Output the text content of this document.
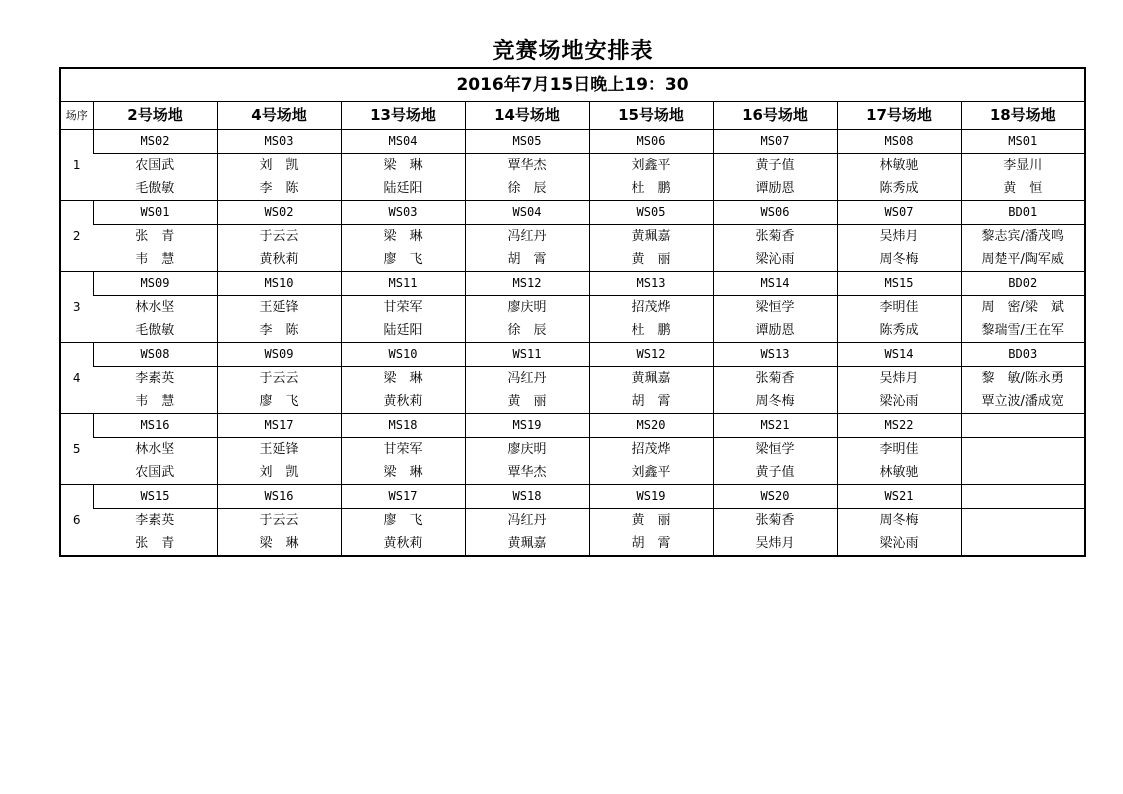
竞赛场地安排表
2016年7月15日晚上19：30								
场序	2号场地	4号场地	13号场地	14号场地	15号场地	16号场地	17号场地	18号场地
1	MS02	MS03	MS04	MS05	MS06	MS07	MS08	MS01
	农国武	刘　凯	梁　琳	覃华杰	刘鑫平	黄子值	林敏驰	李显川
	毛傲敏	李　陈	陆廷阳	徐　辰	杜　鹏	谭励恩	陈秀成	黄　恒
2	WS01	WS02	WS03	WS04	WS05	WS06	WS07	BD01
	张　青	于云云	梁　琳	冯红丹	黄珮嘉	张菊香	吴炜月	黎志宾/潘茂鸣
	韦　慧	黄秋莉	廖　飞	胡　霄	黄　丽	梁沁雨	周冬梅	周楚平/陶军威
3	MS09	MS10	MS11	MS12	MS13	MS14	MS15	BD02
	林水坚	王延锋	甘荣军	廖庆明	招茂烨	梁恒学	李明佳	周　密/梁　斌
	毛傲敏	李　陈	陆廷阳	徐　辰	杜　鹏	谭励恩	陈秀成	黎瑞雪/王在军
4	WS08	WS09	WS10	WS11	WS12	WS13	WS14	BD03
	李素英	于云云	梁　琳	冯红丹	黄珮嘉	张菊香	吴炜月	黎　敏/陈永勇
	韦　慧	廖　飞	黄秋莉	黄　丽	胡　霄	周冬梅	梁沁雨	覃立波/潘成宽
5	MS16	MS17	MS18	MS19	MS20	MS21	MS22	
	林水坚	王延锋	甘荣军	廖庆明	招茂烨	梁恒学	李明佳	
	农国武	刘　凯	梁　琳	覃华杰	刘鑫平	黄子值	林敏驰	
6	WS15	WS16	WS17	WS18	WS19	WS20	WS21	
	李素英	于云云	廖　飞	冯红丹	黄　丽	张菊香	周冬梅	
	张　青	梁　琳	黄秋莉	黄珮嘉	胡　霄	吴炜月	梁沁雨	
